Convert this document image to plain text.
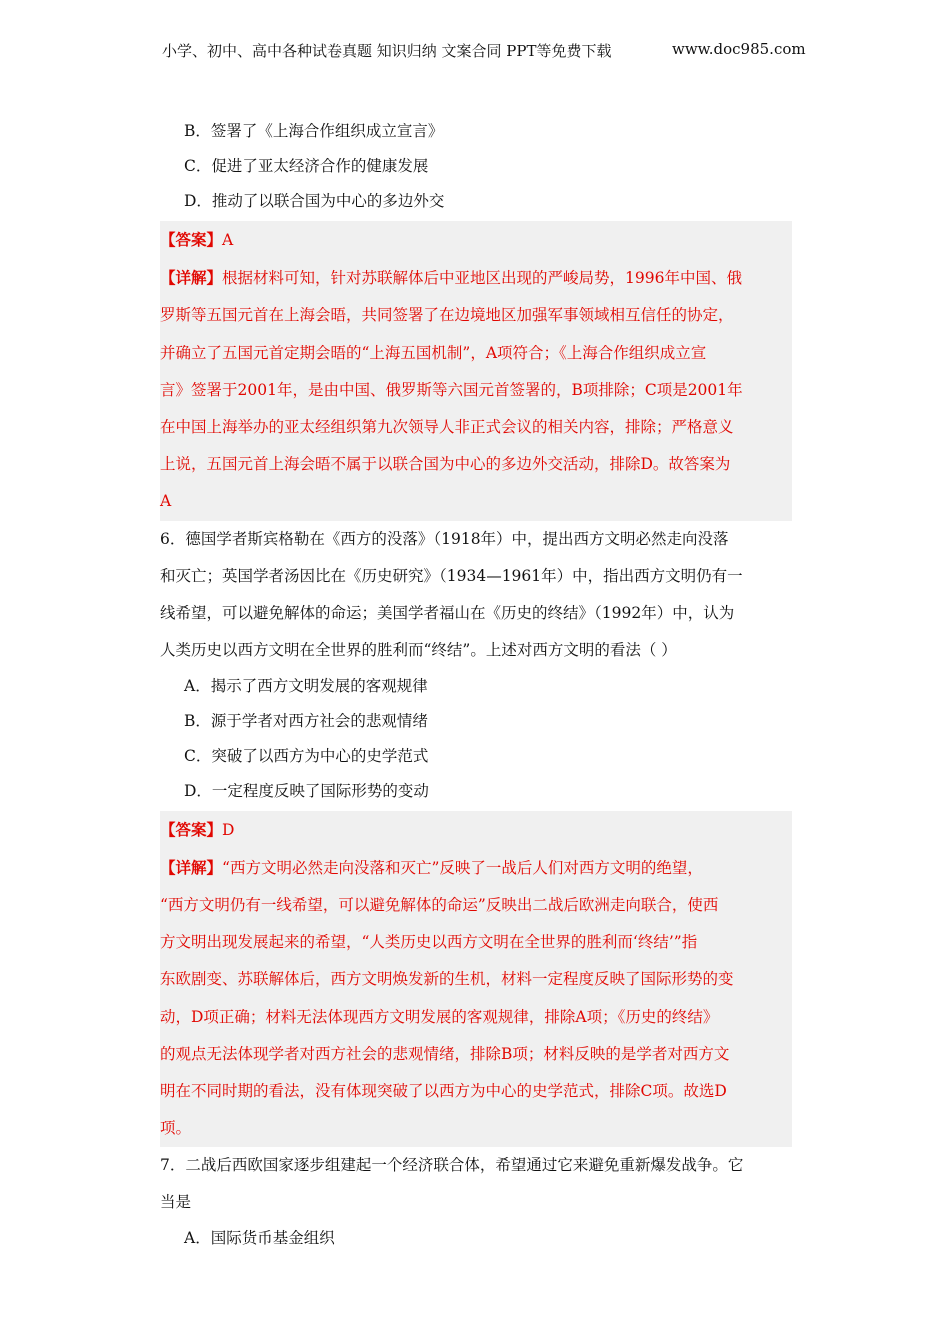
小学、初中、高中各种试卷真题 知识归纳 文案合同 PPT等免费下载	www.doc985.com
B．签署了《上海合作组织成立宣言》
C．促进了亚太经济合作的健康发展
D．推动了以联合国为中心的多边外交
【答案】A
【详解】根据材料可知，针对苏联解体后中亚地区出现的严峻局势，1996年中国、俄
罗斯等五国元首在上海会晤，共同签署了在边境地区加强军事领域相互信任的协定，
并确立了五国元首定期会晤的“上海五国机制”，A项符合；《上海合作组织成立宣
言》签署于2001年，是由中国、俄罗斯等六国元首签署的，B项排除；C项是2001年
在中国上海举办的亚太经组织第九次领导人非正式会议的相关内容，排除；严格意义
上说，五国元首上海会晤不属于以联合国为中心的多边外交活动，排除D。故答案为
A
6．德国学者斯宾格勒在《西方的没落》（1918年）中，提出西方文明必然走向没落
和灭亡；英国学者汤因比在《历史研究》（1934—1961年）中，指出西方文明仍有一
线希望，可以避免解体的命运；美国学者福山在《历史的终结》（1992年）中，认为
人类历史以西方文明在全世界的胜利而“终结”。上述对西方文明的看法（ ）
A．揭示了西方文明发展的客观规律
B．源于学者对西方社会的悲观情绪
C．突破了以西方为中心的史学范式
D．一定程度反映了国际形势的变动
【答案】D
【详解】“西方文明必然走向没落和灭亡”反映了一战后人们对西方文明的绝望，
“西方文明仍有一线希望，可以避免解体的命运”反映出二战后欧洲走向联合，使西
方文明出现发展起来的希望，“人类历史以西方文明在全世界的胜利而‘终结’”指
东欧剧变、苏联解体后，西方文明焕发新的生机，材料一定程度反映了国际形势的变
动，D项正确；材料无法体现西方文明发展的客观规律，排除A项；《历史的终结》
的观点无法体现学者对西方社会的悲观情绪，排除B项；材料反映的是学者对西方文
明在不同时期的看法，没有体现突破了以西方为中心的史学范式，排除C项。故选D
项。
7．二战后西欧国家逐步组建起一个经济联合体，希望通过它来避免重新爆发战争。它
当是
A．国际货币基金组织
